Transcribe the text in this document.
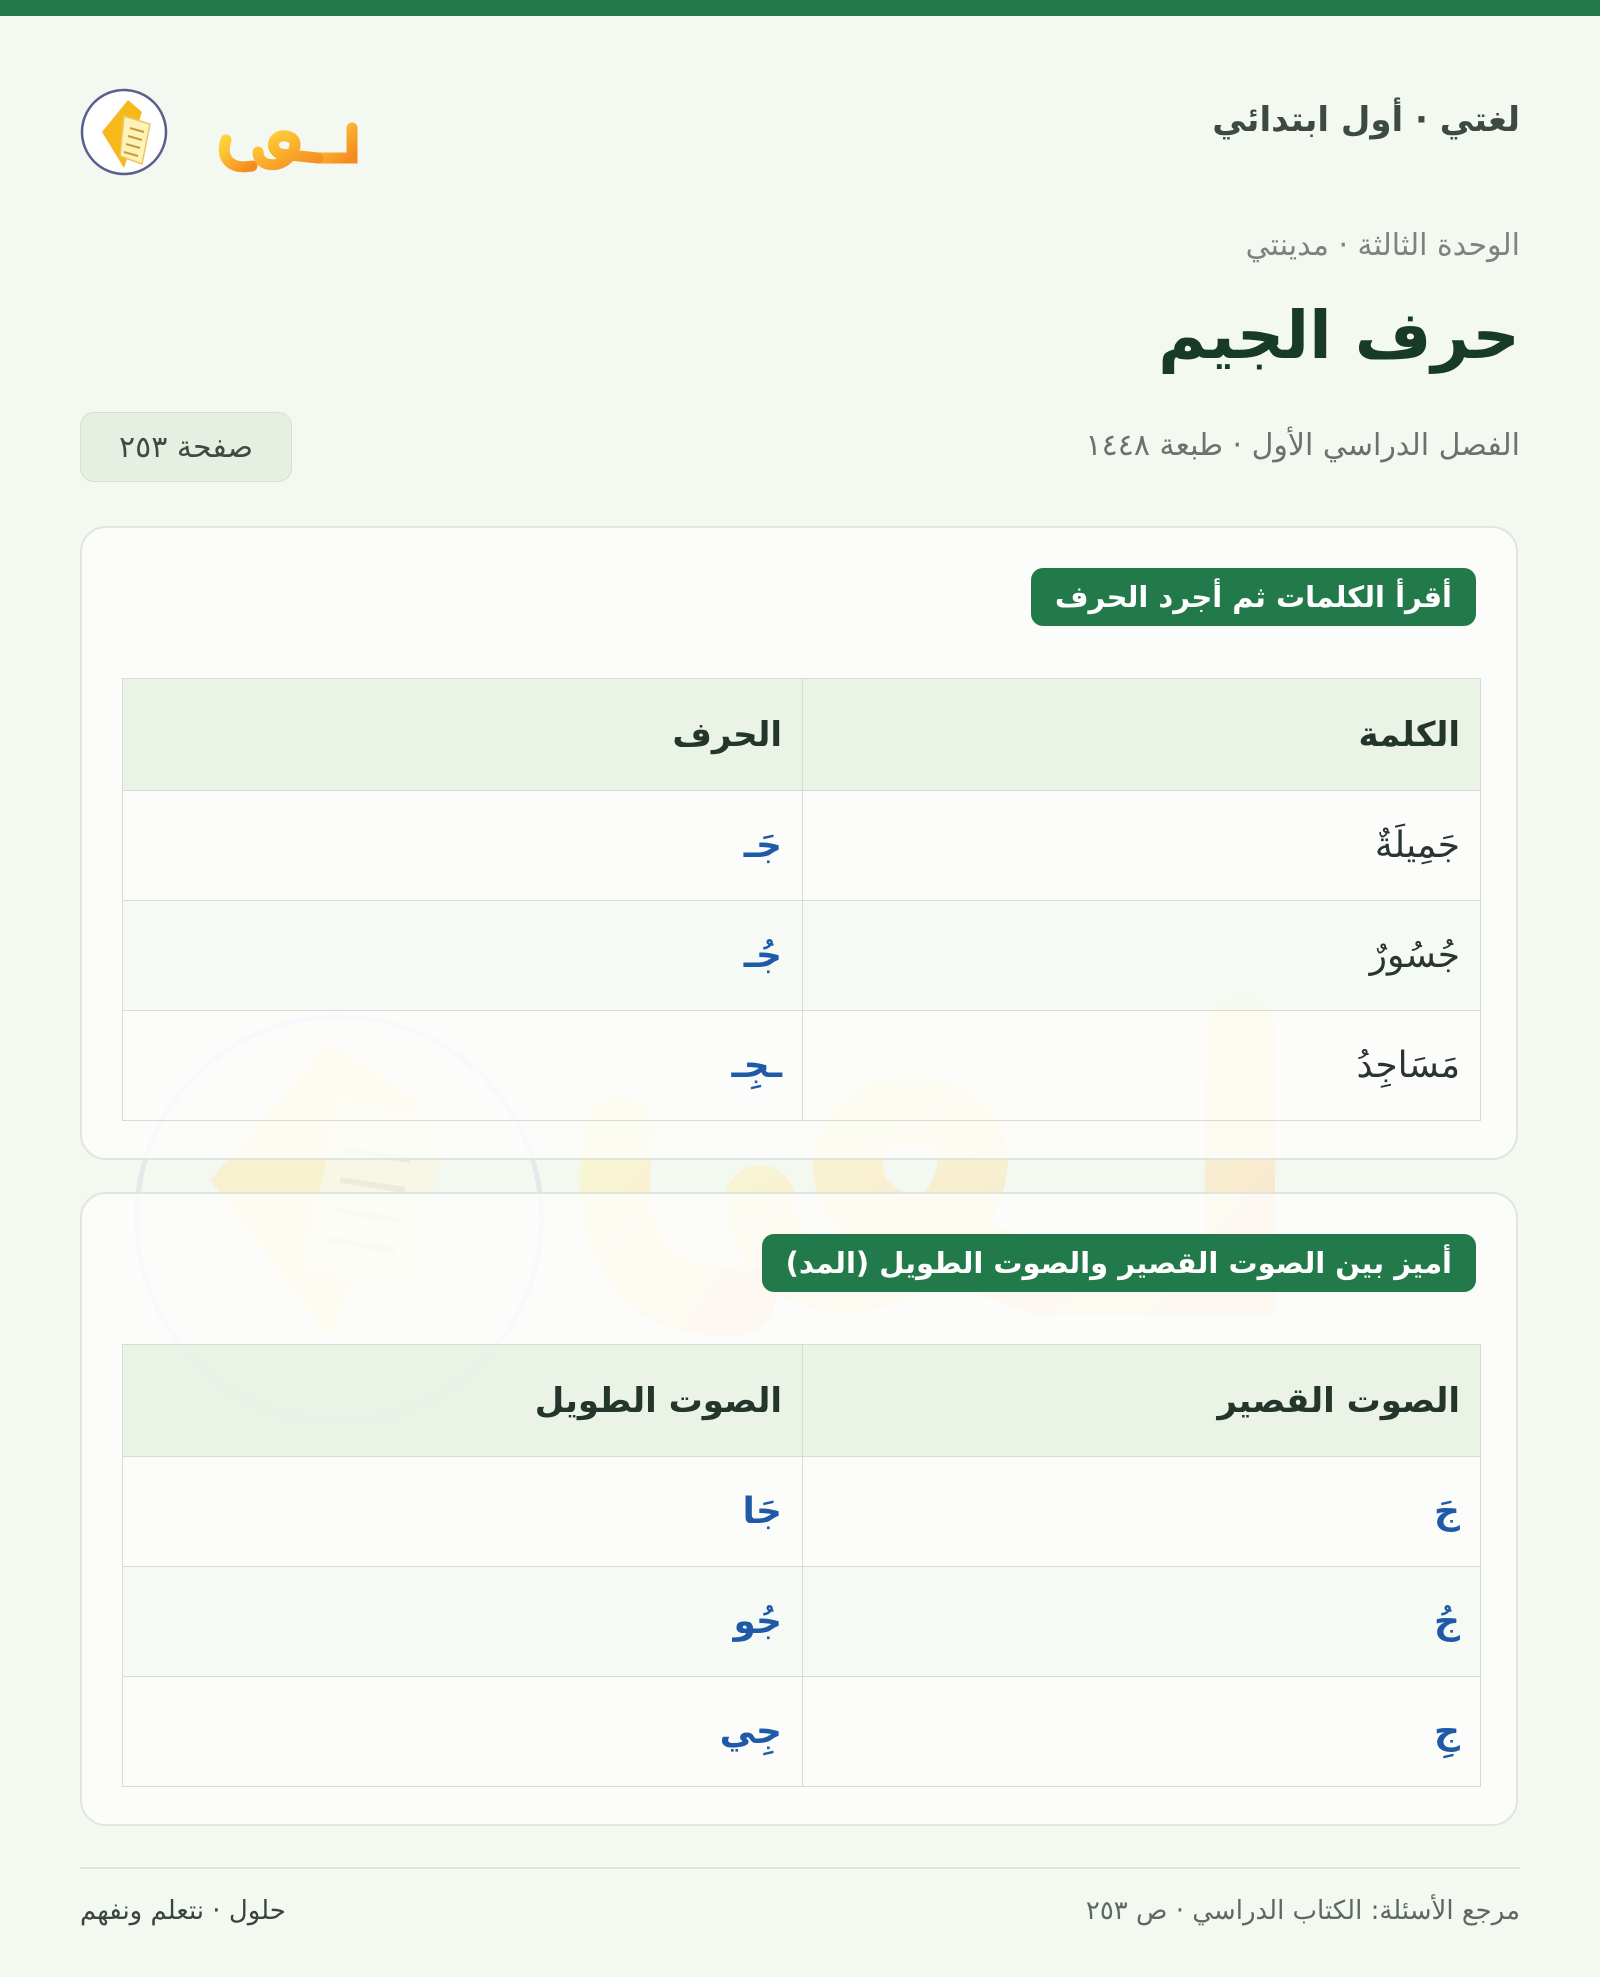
لغتي · أول ابتدائي
الوحدة الثالثة · مدينتي
حرف الجيم
الفصل الدراسي الأول · طبعة ١٤٤٨
صفحة ٢٥٣
أقرأ الكلمات ثم أجرد الحرف
الكلمة	الحرف
جَمِيلَةٌ	جَـ
جُسُورٌ	جُـ
مَسَاجِدُ	ـجِـ
أميز بين الصوت القصير والصوت الطويل (المد)
الصوت القصير	الصوت الطويل
جَ	جَا
جُ	جُو
جِ	جِي
مرجع الأسئلة: الكتاب الدراسي · ص ٢٥٣
حلول · نتعلم ونفهم
